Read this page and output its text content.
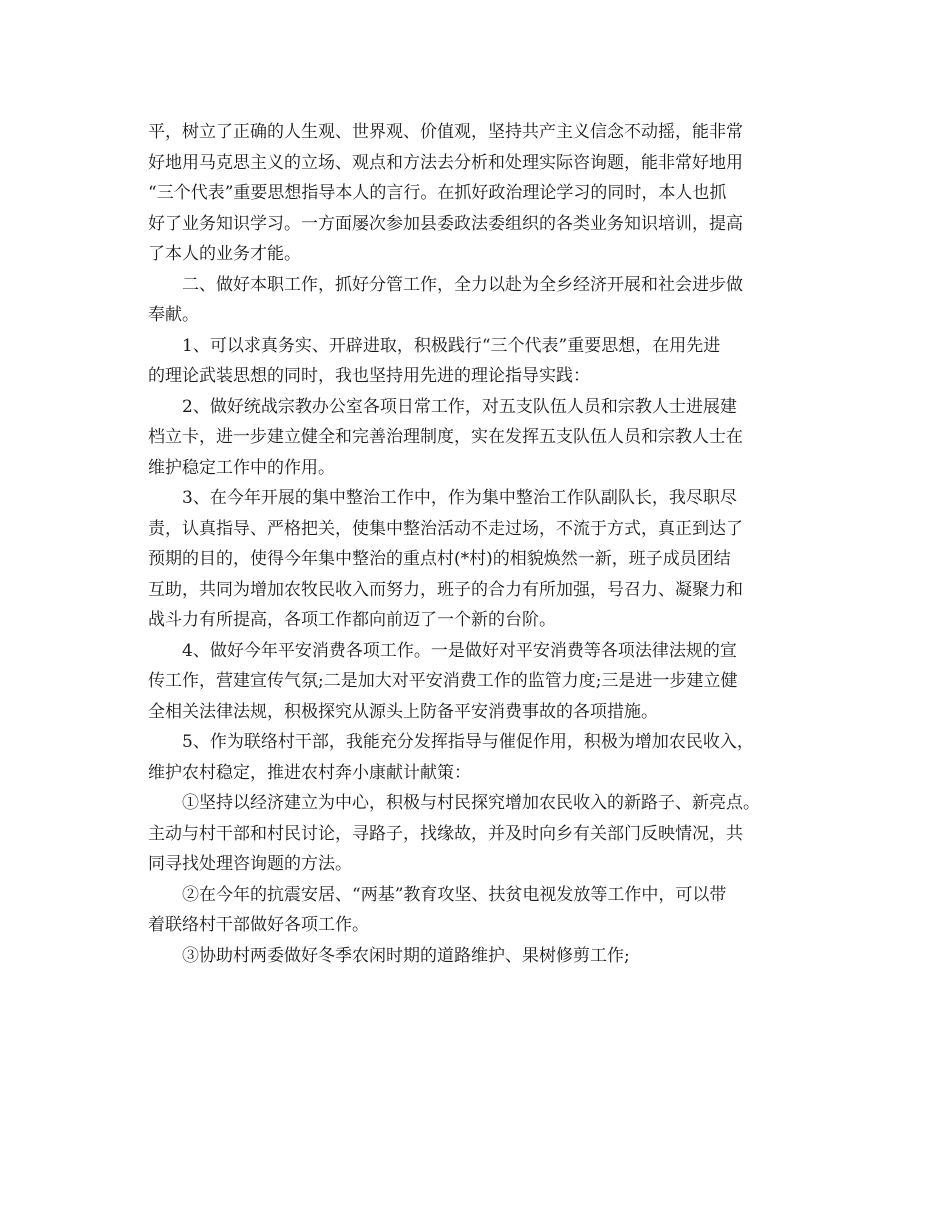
平，树立了正确的人生观、世界观、价值观，坚持共产主义信念不动摇，能非常
好地用马克思主义的立场、观点和方法去分析和处理实际咨询题，能非常好地用
“三个代表”重要思想指导本人的言行。在抓好政治理论学习的同时，本人也抓
好了业务知识学习。一方面屡次参加县委政法委组织的各类业务知识培训，提高
了本人的业务才能。

二、做好本职工作，抓好分管工作，全力以赴为全乡经济开展和社会进步做
奉献。

1、可以求真务实、开辟进取，积极践行“三个代表”重要思想，在用先进
的理论武装思想的同时，我也坚持用先进的理论指导实践：

2、做好统战宗教办公室各项日常工作，对五支队伍人员和宗教人士进展建
档立卡，进一步建立健全和完善治理制度，实在发挥五支队伍人员和宗教人士在
维护稳定工作中的作用。

3、在今年开展的集中整治工作中，作为集中整治工作队副队长，我尽职尽
责，认真指导、严格把关，使集中整治活动不走过场，不流于方式，真正到达了
预期的目的，使得今年集中整治的重点村(*村)的相貌焕然一新，班子成员团结
互助，共同为增加农牧民收入而努力，班子的合力有所加强，号召力、凝聚力和
战斗力有所提高，各项工作都向前迈了一个新的台阶。

4、做好今年平安消费各项工作。一是做好对平安消费等各项法律法规的宣
传工作，营建宣传气氛;二是加大对平安消费工作的监管力度;三是进一步建立健
全相关法律法规，积极探究从源头上防备平安消费事故的各项措施。

5、作为联络村干部，我能充分发挥指导与催促作用，积极为增加农民收入，
维护农村稳定，推进农村奔小康献计献策：

①坚持以经济建立为中心，积极与村民探究增加农民收入的新路子、新亮点。
主动与村干部和村民讨论，寻路子，找缘故，并及时向乡有关部门反映情况，共
同寻找处理咨询题的方法。

②在今年的抗震安居、“两基”教育攻坚、扶贫电视发放等工作中，可以带
着联络村干部做好各项工作。

③协助村两委做好冬季农闲时期的道路维护、果树修剪工作;
